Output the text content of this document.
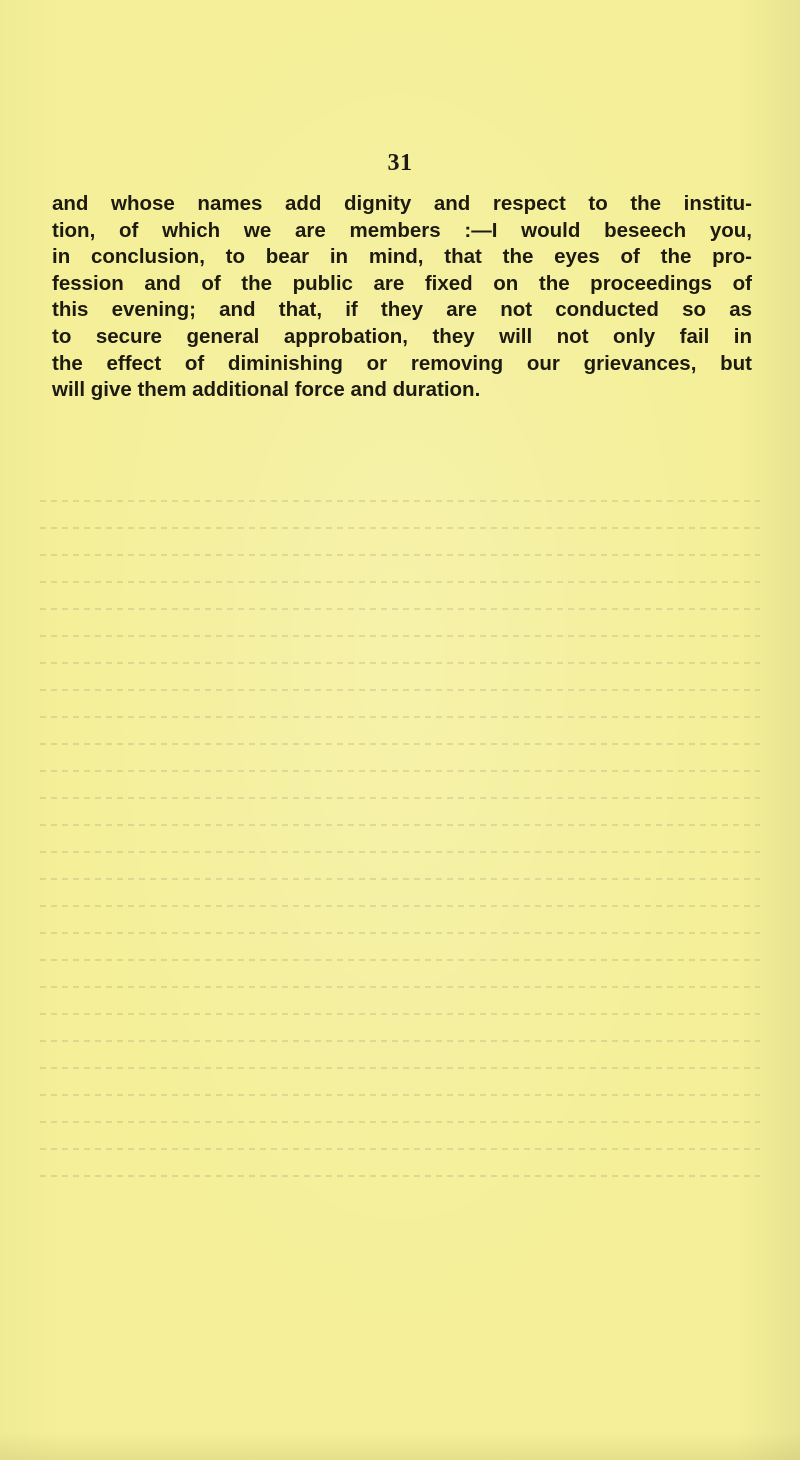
31
and whose names add dignity and respect to the institu-
tion, of which we are members :—I would beseech you,
in conclusion, to bear in mind, that the eyes of the pro-
fession and of the public are fixed on the proceedings of
this evening; and that, if they are not conducted so as
to secure general approbation, they will not only fail in
the effect of diminishing or removing our grievances, but
will give them additional force and duration.
